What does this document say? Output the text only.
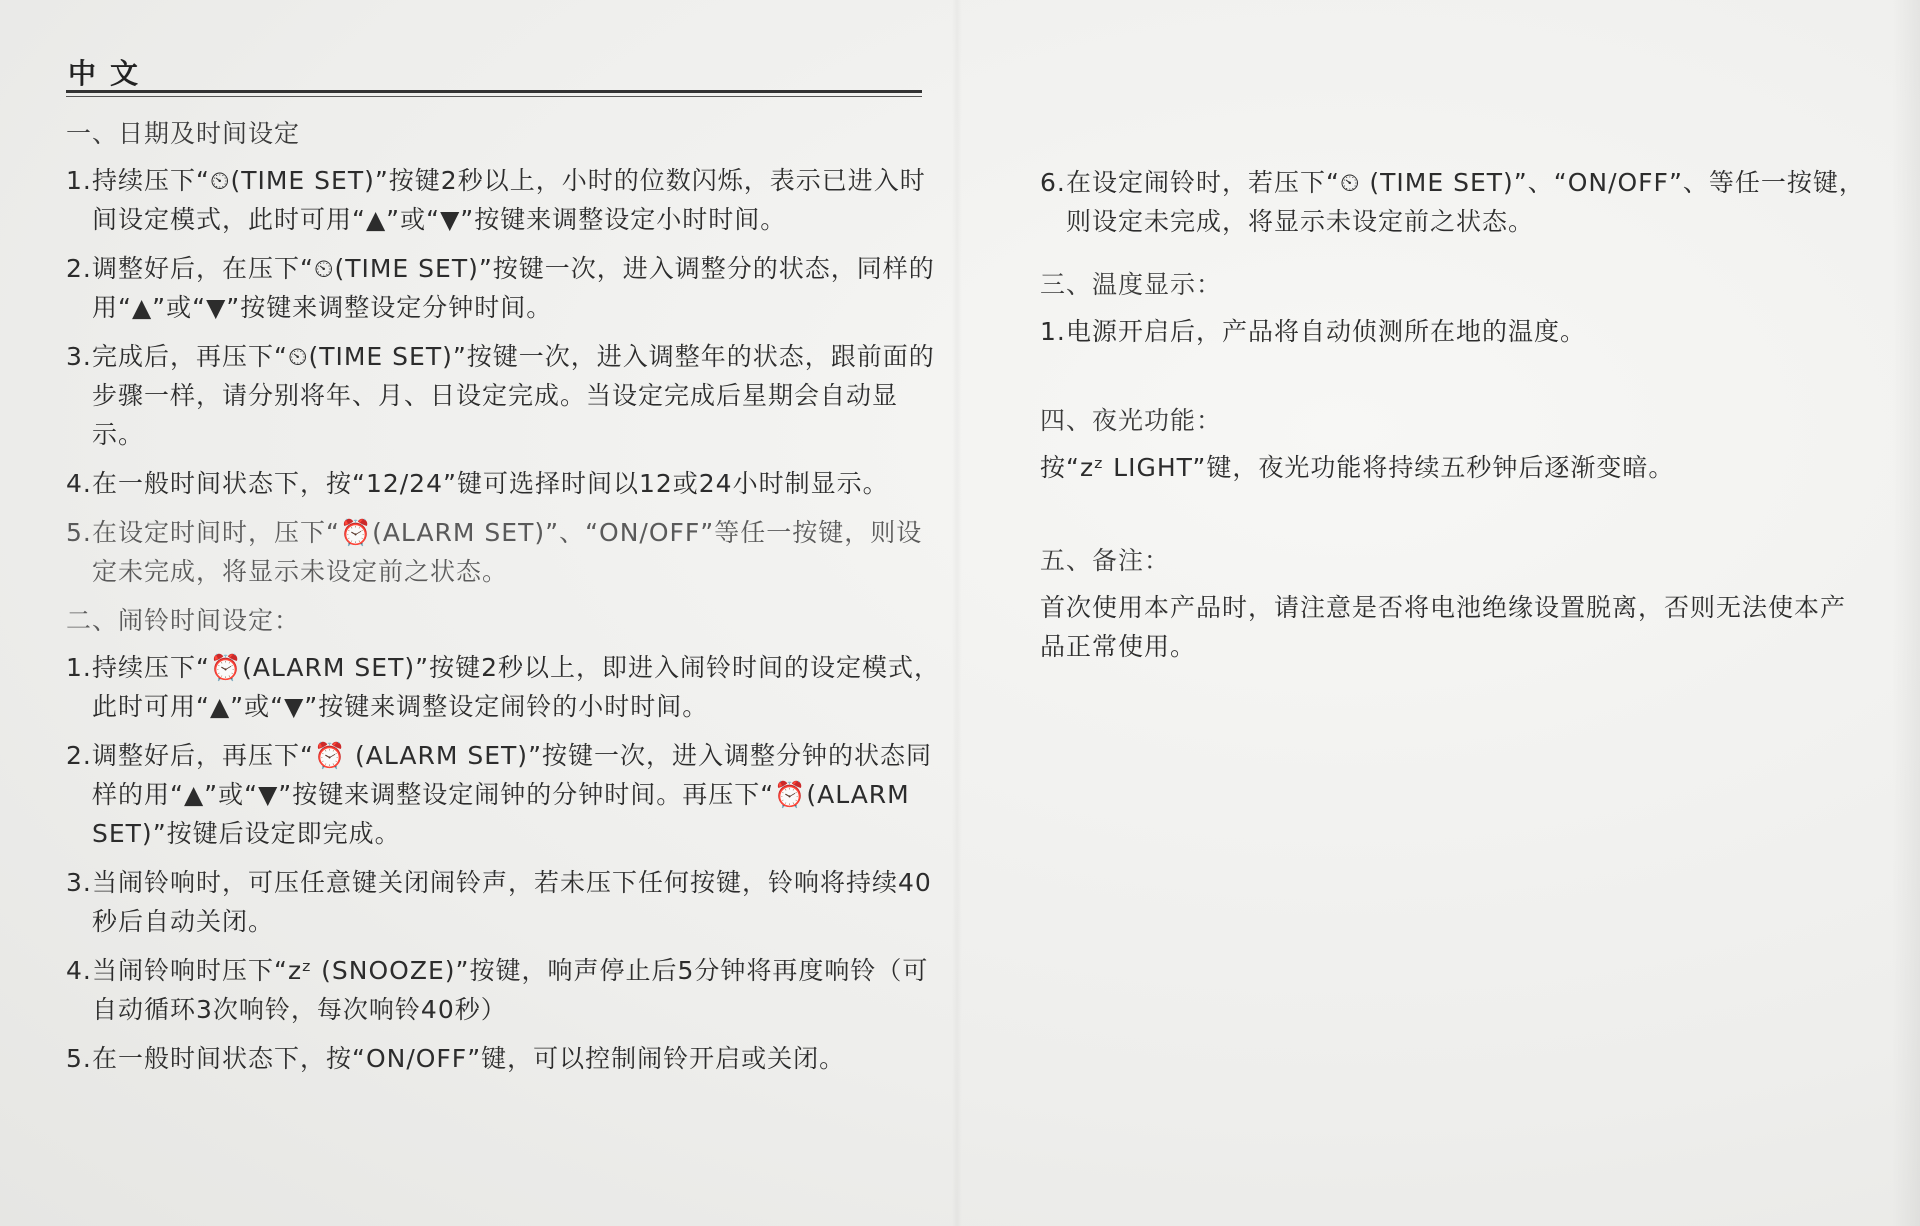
中文
一、日期及时间设定
1. 持续压下“⏲(TIME SET)”按键2秒以上，小时的位数闪烁，表示已进入时间设定模式，此时可用“▲”或“▼”按键来调整设定小时时间。
2. 调整好后，在压下“⏲(TIME SET)”按键一次，进入调整分的状态，同样的用“▲”或“▼”按键来调整设定分钟时间。
3. 完成后，再压下“⏲(TIME SET)”按键一次，进入调整年的状态，跟前面的步骤一样，请分别将年、月、日设定完成。当设定完成后星期会自动显示。
4. 在一般时间状态下，按“12/24”键可选择时间以12或24小时制显示。
5. 在设定时间时，压下“⏰(ALARM SET)”、“ON/OFF”等任一按键，则设定未完成，将显示未设定前之状态。
二、闹铃时间设定：
1. 持续压下“⏰(ALARM SET)”按键2秒以上，即进入闹铃时间的设定模式，此时可用“▲”或“▼”按键来调整设定闹铃的小时时间。
2. 调整好后，再压下“⏰ (ALARM SET)”按键一次，进入调整分钟的状态同样的用“▲”或“▼”按键来调整设定闹钟的分钟时间。再压下“⏰(ALARM SET)”按键后设定即完成。
3. 当闹铃响时，可压任意键关闭闹铃声，若未压下任何按键，铃响将持续40秒后自动关闭。
4. 当闹铃响时压下“zᶻ (SNOOZE)”按键，响声停止后5分钟将再度响铃（可自动循环3次响铃，每次响铃40秒）
5. 在一般时间状态下，按“ON/OFF”键，可以控制闹铃开启或关闭。
6. 在设定闹铃时，若压下“⏲ (TIME SET)”、“ON/OFF”、等任一按键，则设定未完成，将显示未设定前之状态。
三、温度显示：
1. 电源开启后，产品将自动侦测所在地的温度。
四、夜光功能：

按“zᶻ LIGHT”键，夜光功能将持续五秒钟后逐渐变暗。

五、备注：

首次使用本产品时，请注意是否将电池绝缘设置脱离，否则无法使本产品正常使用。
